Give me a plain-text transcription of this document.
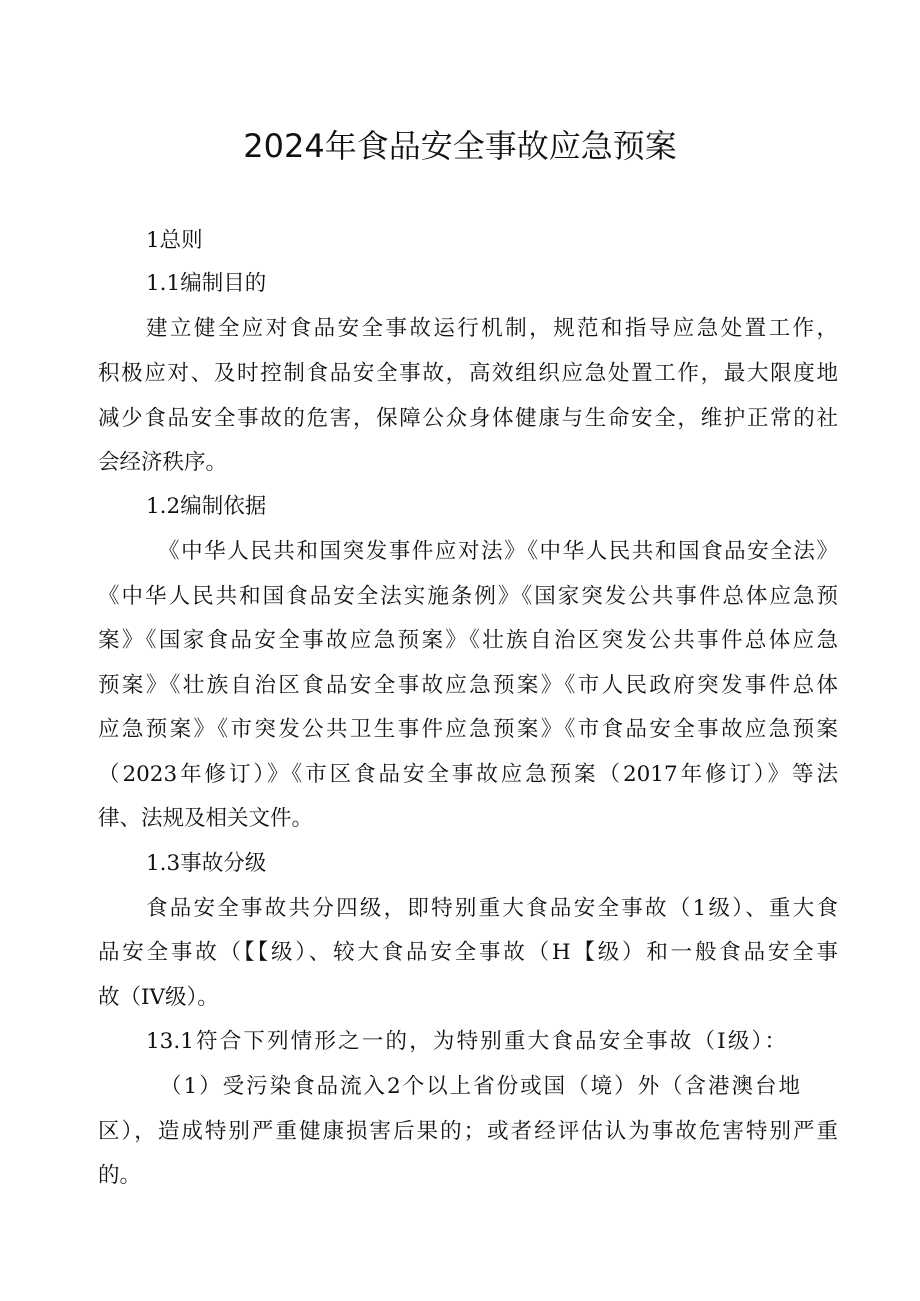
2024年食品安全事故应急预案
1总则
1.1编制目的
建立健全应对食品安全事故运行机制，规范和指导应急处置工作，
积极应对、及时控制食品安全事故，高效组织应急处置工作，最大限度地
减少食品安全事故的危害，保障公众身体健康与生命安全，维护正常的社
会经济秩序。
1.2编制依据
《中华人民共和国突发事件应对法》《中华人民共和国食品安全法》
《中华人民共和国食品安全法实施条例》《国家突发公共事件总体应急预
案》《国家食品安全事故应急预案》《壮族自治区突发公共事件总体应急
预案》《壮族自治区食品安全事故应急预案》《市人民政府突发事件总体
应急预案》《市突发公共卫生事件应急预案》《市食品安全事故应急预案
（2023年修订）》《市区食品安全事故应急预案（2017年修订）》等法
律、法规及相关文件。
1.3事故分级
食品安全事故共分四级，即特别重大食品安全事故（1级）、重大食
品安全事故（【【级）、较大食品安全事故（H【级）和一般食品安全事
故（IV级）。
13.1符合下列情形之一的，为特别重大食品安全事故（I级）：
（1）受污染食品流入2个以上省份或国（境）外（含港澳台地
区），造成特别严重健康损害后果的；或者经评估认为事故危害特别严重
的。
